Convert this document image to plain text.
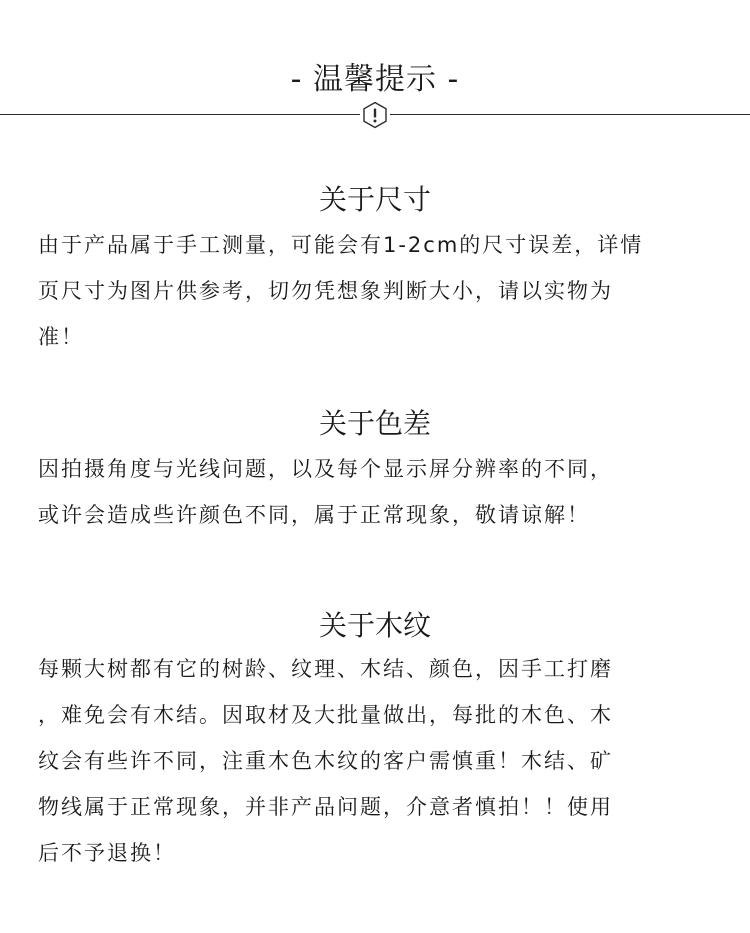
- 温馨提示 -
关于尺寸
由于产品属于手工测量，可能会有1-2cm的尺寸误差，详情
页尺寸为图片供参考，切勿凭想象判断大小，请以实物为
准！
关于色差
因拍摄角度与光线问题，以及每个显示屏分辨率的不同，
或许会造成些许颜色不同，属于正常现象，敬请谅解！
关于木纹
每颗大树都有它的树龄、纹理、木结、颜色，因手工打磨
，难免会有木结。因取材及大批量做出，每批的木色、木
纹会有些许不同，注重木色木纹的客户需慎重！木结、矿
物线属于正常现象，并非产品问题，介意者慎拍！！使用
后不予退换！
